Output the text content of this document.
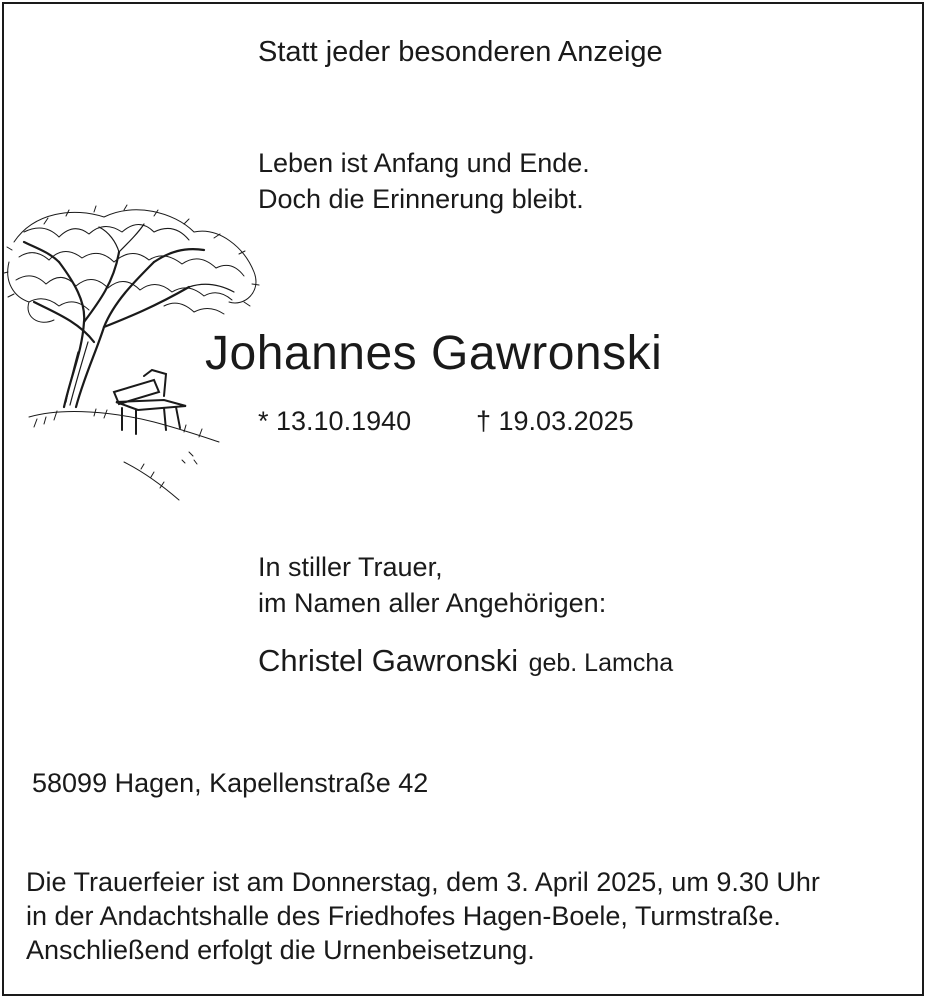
Statt jeder besonderen Anzeige
Leben ist Anfang und Ende.
Doch die Erinnerung bleibt.
Johannes Gawronski
* 13.10.1940 † 19.03.2025
In stiller Trauer,
im Namen aller Angehörigen:
Christel Gawronski geb. Lamcha
58099 Hagen, Kapellenstraße 42
Die Trauerfeier ist am Donnerstag, dem 3. April 2025, um 9.30 Uhr
in der Andachtshalle des Friedhofes Hagen-Boele, Turmstraße.
Anschließend erfolgt die Urnenbeisetzung.
